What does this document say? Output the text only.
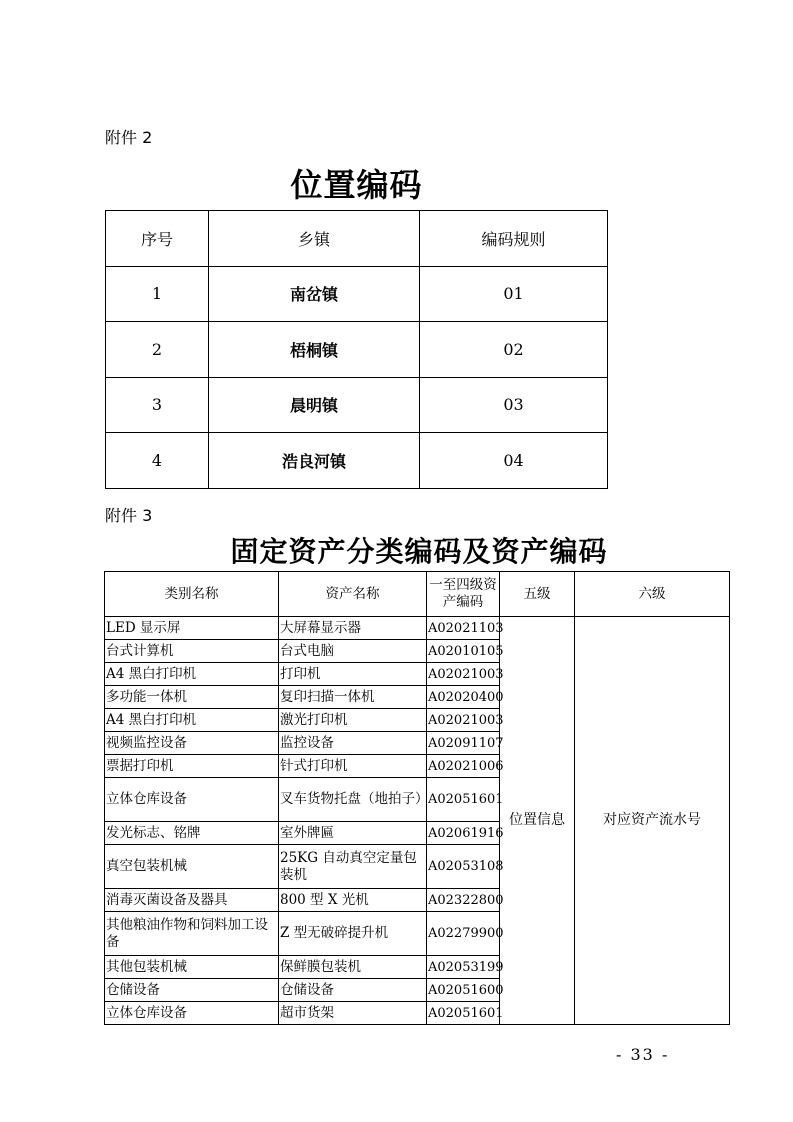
附件 2
位置编码
序号	乡镇	编码规则
1	南岔镇	01
2	梧桐镇	02
3	晨明镇	03
4	浩良河镇	04
附件 3
固定资产分类编码及资产编码
类别名称	资产名称	一至四级资产编码	五级	六级
LED 显示屏	大屏幕显示器	A02021103	位置信息	对应资产流水号
台式计算机	台式电脑	A02010105		
A4 黑白打印机	打印机	A02021003		
多功能一体机	复印扫描一体机	A02020400		
A4 黑白打印机	激光打印机	A02021003		
视频监控设备	监控设备	A02091107		
票据打印机	针式打印机	A02021006		
立体仓库设备	叉车货物托盘（地拍子）	A02051601		
发光标志、铭牌	室外牌匾	A02061916		
真空包装机械	25KG 自动真空定量包装机	A02053108		
消毒灭菌设备及器具	800 型 X 光机	A02322800		
其他粮油作物和饲料加工设备	Z 型无破碎提升机	A02279900		
其他包装机械	保鲜膜包装机	A02053199		
仓储设备	仓储设备	A02051600		
立体仓库设备	超市货架	A02051601		
- 33 -
